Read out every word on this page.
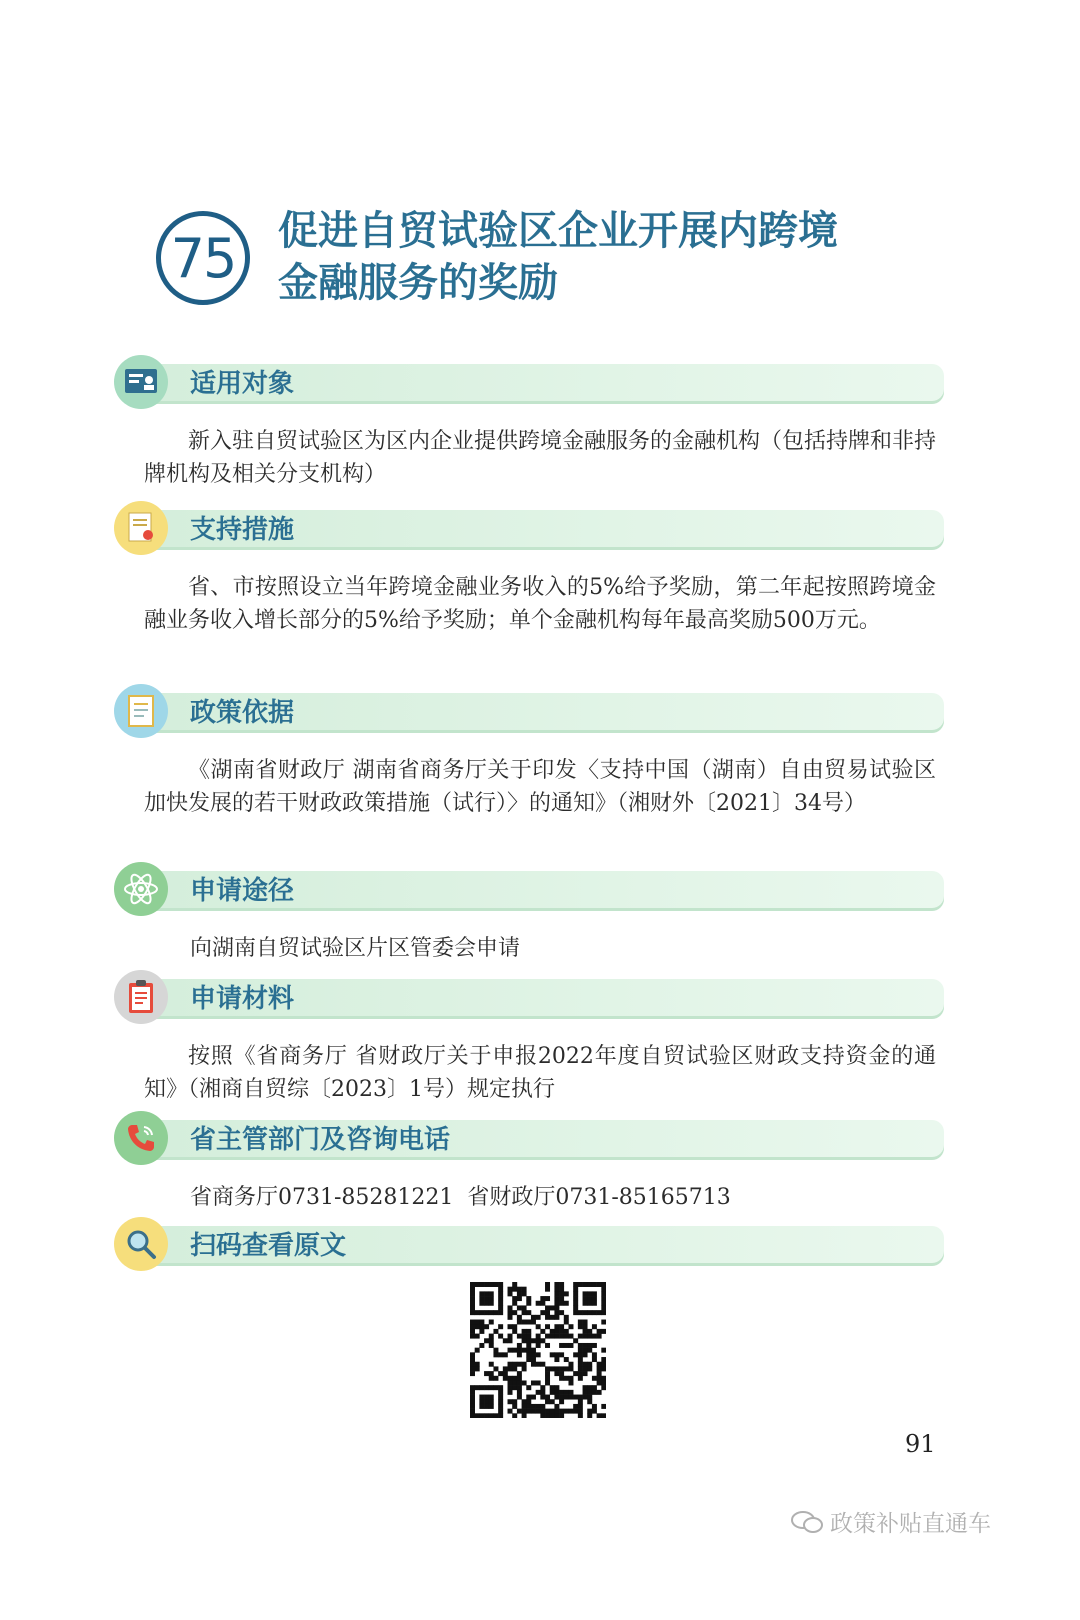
75	促进自贸试验区企业开展内跨境
金融服务的奖励
适用对象
新入驻自贸试验区为区内企业提供跨境金融服务的金融机构（包括持牌和非持牌机构及相关分支机构）
支持措施
省、市按照设立当年跨境金融业务收入的5%给予奖励，第二年起按照跨境金融业务收入增长部分的5%给予奖励；单个金融机构每年最高奖励500万元。
政策依据
《湖南省财政厅 湖南省商务厅关于印发〈支持中国（湖南）自由贸易试验区加快发展的若干财政政策措施（试行）〉的通知》（湘财外〔2021〕34号）
申请途径
向湖南自贸试验区片区管委会申请
申请材料
按照《省商务厅 省财政厅关于申报2022年度自贸试验区财政支持资金的通知》（湘商自贸综〔2023〕1号）规定执行
省主管部门及咨询电话
省商务厅0731-85281221  省财政厅0731-85165713
扫码查看原文
91
政策补贴直通车
